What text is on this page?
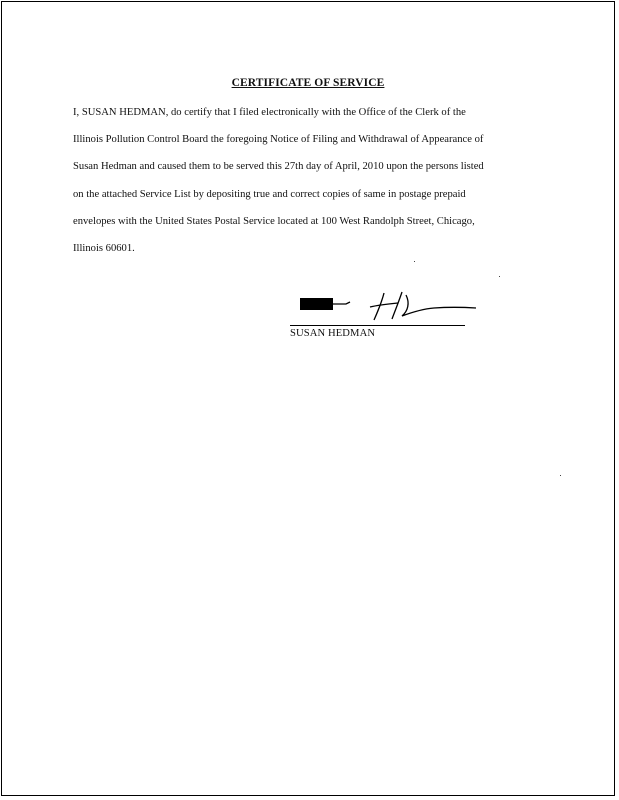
CERTIFICATE OF SERVICE

I, SUSAN HEDMAN, do certify that I filed electronically with the Office of the Clerk of the
Illinois Pollution Control Board the foregoing Notice of Filing and Withdrawal of Appearance of
Susan Hedman and caused them to be served this 27th day of April, 2010 upon the persons listed
on the attached Service List by depositing true and correct copies of same in postage prepaid
envelopes with the United States Postal Service located at 100 West Randolph Street, Chicago,
Illinois 60601.

SUSAN HEDMAN
